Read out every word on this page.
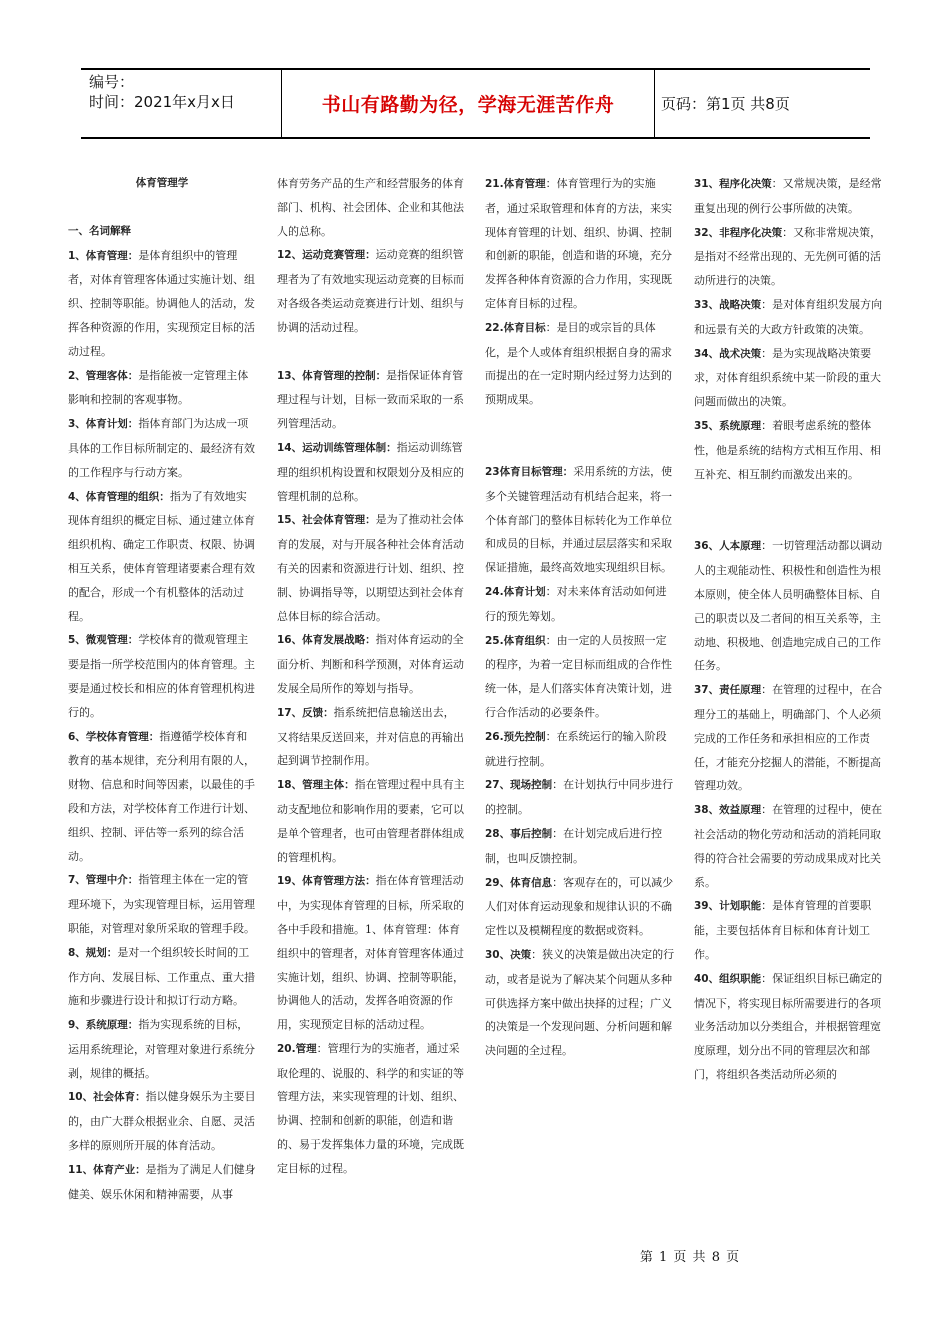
编号：
时间：2021年x月x日	书山有路勤为径，学海无涯苦作舟	页码：第1页 共8页

体育管理学

一、名词解释

1、体育管理：是体育组织中的管理者，对体育管理客体通过实施计划、组织、控制等职能。协调他人的活动，发挥各种资源的作用，实现预定目标的活动过程。

2、管理客体：是指能被一定管理主体影响和控制的客观事物。

3、体育计划：指体育部门为达成一项具体的工作目标所制定的、最经济有效的工作程序与行动方案。

4、体育管理的组织：指为了有效地实现体育组织的概定目标、通过建立体育组织机构、确定工作职责、权限、协调相互关系，使体育管理诸要素合理有效的配合，形成一个有机整体的活动过程。

5、微观管理：学校体育的微观管理主要是指一所学校范围内的体育管理。主要是通过校长和相应的体育管理机构进行的。

6、学校体育管理：指遵循学校体育和教育的基本规律，充分利用有限的人，财物、信息和时间等因素，以最佳的手段和方法，对学校体育工作进行计划、组织、控制、评估等一系列的综合活动。

7、管理中介：指管理主体在一定的管理环境下，为实现管理目标，运用管理职能，对管理对象所采取的管理手段。

8、规划：是对一个组织较长时间的工作方向、发展目标、工作重点、重大措施和步骤进行设计和拟订行动方略。

9、系统原理：指为实现系统的目标，运用系统理论，对管理对象进行系统分剥，规律的概括。

10、社会体育：指以健身娱乐为主要目的，由广大群众根据业余、自愿、灵活多样的原则所开展的体育活动。

11、体育产业：是指为了满足人们健身健美、娱乐休闲和精神需要，从事

体育劳务产品的生产和经营服务的体育部门、机构、社会团体、企业和其他法人的总称。

12、运动竞赛管理：运动竞赛的组织管理者为了有效地实现运动竞赛的目标而对各级各类运动竞赛进行计划、组织与协调的活动过程。

13、体育管理的控制：是指保证体育管理过程与计划，目标一致而采取的一系列管理活动。

14、运动训练管理体制：指运动训练管理的组织机构设置和权限划分及相应的管理机制的总称。

15、社会体育管理：是为了推动社会体育的发展，对与开展各种社会体育活动有关的因素和资源进行计划、组织、控制、协调指导等，以期望达到社会体育总体目标的综合活动。

16、体育发展战略：指对体育运动的全面分析、判断和科学预测，对体育运动发展全局所作的筹划与指导。

17、反馈：指系统把信息输送出去，又将结果反送回来，并对信息的再输出起到调节控制作用。

18、管理主体：指在管理过程中具有主动支配地位和影响作用的要素，它可以是单个管理者，也可由管理者群体组成的管理机构。

19、体育管理方法：指在体育管理活动中，为实现体育管理的目标，所采取的各中手段和措施。1、体育管理：体育组织中的管理者，对体育管理客体通过实施计划，组织、协调、控制等职能，协调他人的活动，发挥各咱资源的作用，实现预定目标的活动过程。

20.管理：管理行为的实施者，通过采取伦理的、说服的、科学的和实证的等管理方法，来实现管理的计划、组织、协调、控制和创新的职能，创造和谐的、易于发挥集体力量的环境，完成既定目标的过程。

21.体育管理：体育管理行为的实施者，通过采取管理和体育的方法，来实现体育管理的计划、组织、协调、控制和创新的职能，创造和谐的环境，充分发挥各种体育资源的合力作用，实现既定体育目标的过程。

22.体育目标：是目的或宗旨的具体化，是个人或体育组织根据自身的需求而提出的在一定时期内经过努力达到的预期成果。

23体育目标管理：采用系统的方法，使多个关键管理活动有机结合起来，将一个体育部门的整体目标转化为工作单位和成员的目标，并通过层层落实和采取保证措施，最终高效地实现组织目标。

24.体育计划：对未来体育活动如何进行的预先筹划。

25.体育组织：由一定的人员按照一定的程序，为着一定目标而组成的合作性统一体，是人们落实体育决策计划，进行合作活动的必要条件。

26.预先控制：在系统运行的输入阶段就进行控制。

27、现场控制：在计划执行中同步进行的控制。

28、事后控制：在计划完成后进行控制，也叫反馈控制。

29、体育信息：客观存在的，可以减少人们对体育运动现象和规律认识的不确定性以及模糊程度的数据或资料。

30、决策：狭义的决策是做出决定的行动，或者是说为了解决某个问题从多种可供选择方案中做出抉择的过程；广义的决策是一个发现问题、分析问题和解决问题的全过程。

31、程序化决策：又常规决策，是经常重复出现的例行公事所做的决策。

32、非程序化决策：又称非常规决策，是指对不经常出现的、无先例可循的活动所进行的决策。

33、战略决策：是对体育组织发展方向和远景有关的大政方针政策的决策。

34、战术决策：是为实现战略决策要求，对体育组织系统中某一阶段的重大问题而做出的决策。

35、系统原理：着眼考虑系统的整体性，他是系统的结构方式相互作用、相互补充、相互制约而激发出来的。

36、人本原理：一切管理活动都以调动人的主观能动性、积极性和创造性为根本原则，使全体人员明确整体目标、自己的职责以及二者间的相互关系等，主动地、积极地、创造地完成自己的工作任务。

37、责任原理：在管理的过程中，在合理分工的基础上，明确部门、个人必须完成的工作任务和承担相应的工作责任，才能充分挖掘人的潜能，不断提高管理功效。

38、效益原理：在管理的过程中，使在社会活动的物化劳动和活动的消耗同取得的符合社会需要的劳动成果成对比关系。

39、计划职能：是体育管理的首要职能，主要包括体育目标和体育计划工作。

40、组织职能：保证组织目标已确定的情况下，将实现目标所需要进行的各项业务活动加以分类组合，并根据管理宽度原理，划分出不同的管理层次和部门，将组织各类活动所必须的

第 1 页 共 8 页
